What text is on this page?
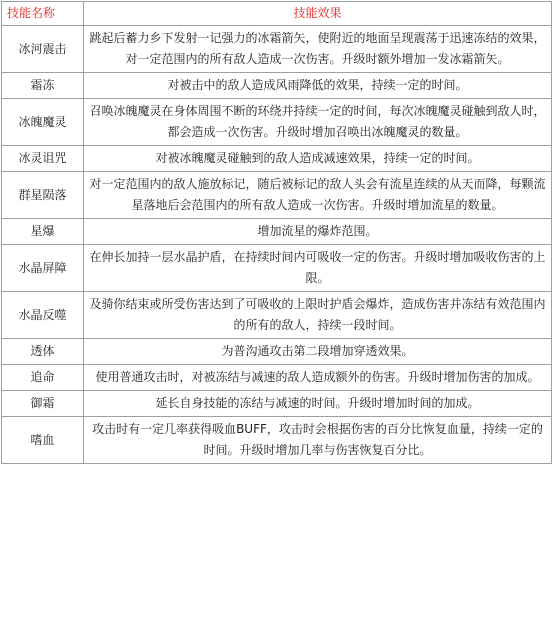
技能名称	技能效果
冰河震击	跳起后蓄力乡下发射一记强力的冰霜箭矢，使附近的地面呈现震荡于迅速冻结的效果，对一定范围内的所有敌人造成一次伤害。升级时额外增加一发冰霜箭矢。
霜冻	对被击中的敌人造成风雨降低的效果，持续一定的时间。
冰魄魔灵	召唤冰魄魔灵在身体周围不断的环绕并持续一定的时间，每次冰魄魔灵碰触到敌人时，都会造成一次伤害。升级时增加召唤出冰魄魔灵的数量。
冰灵诅咒	对被冰魄魔灵碰触到的敌人造成减速效果，持续一定的时间。
群星陨落	对一定范围内的敌人施放标记，随后被标记的敌人头会有流星连续的从天而降，每颗流星落地后会范围内的所有敌人造成一次伤害。升级时增加流星的数量。
星爆	增加流星的爆炸范围。
水晶屏障	在伸长加持一层水晶护盾，在持续时间内可吸收一定的伤害。升级时增加吸收伤害的上限。
水晶反噬	及骑你结束或所受伤害达到了可吸收的上限时护盾会爆炸，造成伤害并冻结有效范围内的所有的敌人，持续一段时间。
透体	为普沟通攻击第二段增加穿透效果。
追命	使用普通攻击时，对被冻结与减速的敌人造成额外的伤害。升级时增加伤害的加成。
御霜	延长自身技能的冻结与减速的时间。升级时增加时间的加成。
嗜血	攻击时有一定几率获得吸血BUFF，攻击时会根据伤害的百分比恢复血量，持续一定的时间。升级时增加几率与伤害恢复百分比。
